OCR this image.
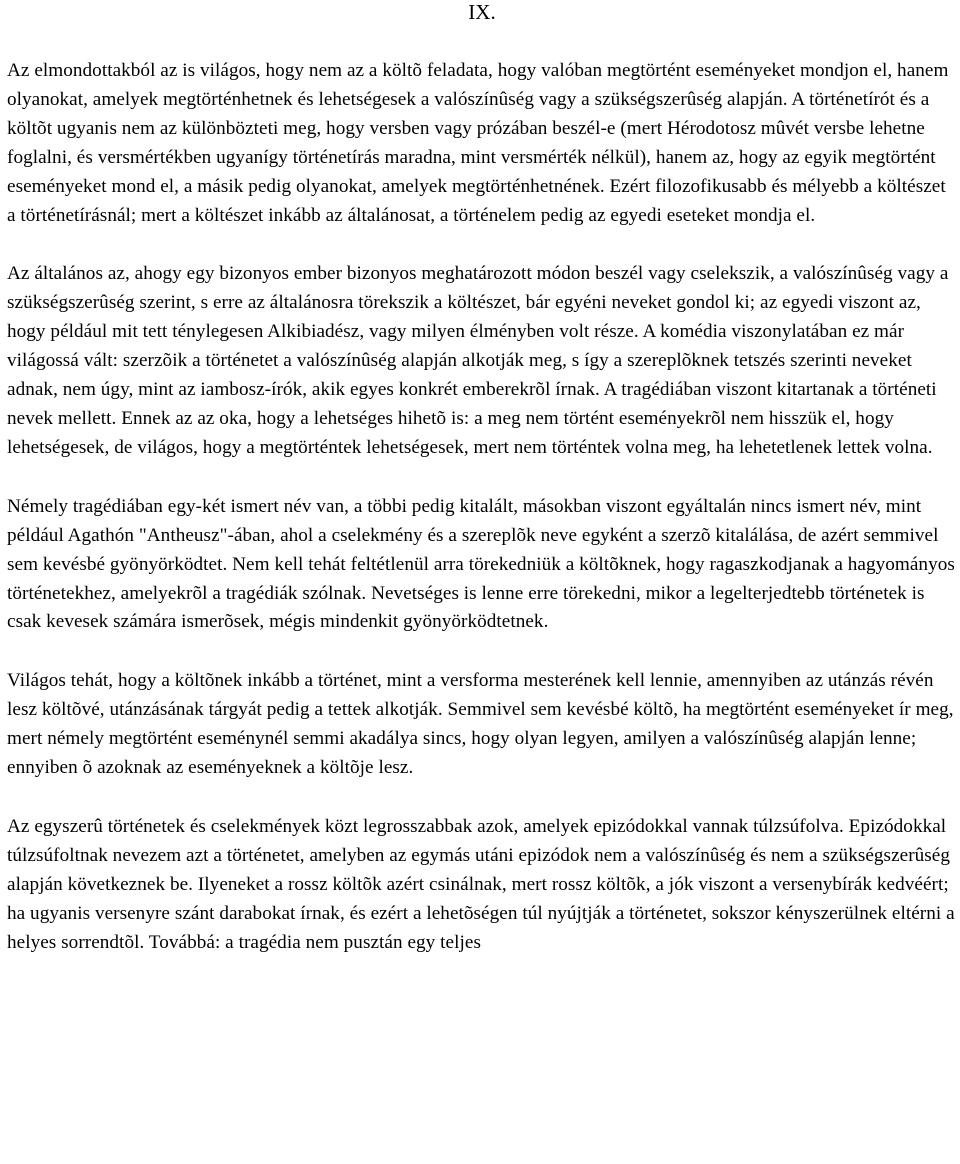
IX.

Az elmondottakból az is világos, hogy nem az a költõ feladata, hogy valóban megtörtént eseményeket mondjon el, hanem olyanokat, amelyek megtörténhetnek és lehetségesek a valószínûség vagy a szükségszerûség alapján. A történetírót és a költõt ugyanis nem az különbözteti meg, hogy versben vagy prózában beszél-e (mert Hérodotosz mûvét versbe lehetne foglalni, és versmértékben ugyanígy történetírás maradna, mint versmérték nélkül), hanem az, hogy az egyik megtörtént eseményeket mond el, a másik pedig olyanokat, amelyek megtörténhetnének. Ezért filozofikusabb és mélyebb a költészet a történetírásnál; mert a költészet inkább az általánosat, a történelem pedig az egyedi eseteket mondja el.

Az általános az, ahogy egy bizonyos ember bizonyos meghatározott módon beszél vagy cselekszik, a valószínûség vagy a szükségszerûség szerint, s erre az általánosra törekszik a költészet, bár egyéni neveket gondol ki; az egyedi viszont az, hogy például mit tett ténylegesen Alkibiadész, vagy milyen élményben volt része. A komédia viszonylatában ez már világossá vált: szerzõik a történetet a valószínûség alapján alkotják meg, s így a szereplõknek tetszés szerinti neveket adnak, nem úgy, mint az iambosz-írók, akik egyes konkrét emberekrõl írnak. A tragédiában viszont kitartanak a történeti nevek mellett. Ennek az az oka, hogy a lehetséges hihetõ is: a meg nem történt eseményekrõl nem hisszük el, hogy lehetségesek, de világos, hogy a megtörténtek lehetségesek, mert nem történtek volna meg, ha lehetetlenek lettek volna.

Némely tragédiában egy-két ismert név van, a többi pedig kitalált, másokban viszont egyáltalán nincs ismert név, mint például Agathón "Antheusz"-ában, ahol a cselekmény és a szereplõk neve egyként a szerzõ kitalálása, de azért semmivel sem kevésbé gyönyörködtet. Nem kell tehát feltétlenül arra törekedniük a költõknek, hogy ragaszkodjanak a hagyományos történetekhez, amelyekrõl a tragédiák szólnak. Nevetséges is lenne erre törekedni, mikor a legelterjedtebb történetek is csak kevesek számára ismerõsek, mégis mindenkit gyönyörködtetnek.

Világos tehát, hogy a költõnek inkább a történet, mint a versforma mesterének kell lennie, amennyiben az utánzás révén lesz költõvé, utánzásának tárgyát pedig a tettek alkotják. Semmivel sem kevésbé költõ, ha megtörtént eseményeket ír meg, mert némely megtörtént eseménynél semmi akadálya sincs, hogy olyan legyen, amilyen a valószínûség alapján lenne; ennyiben õ azoknak az eseményeknek a költõje lesz.

Az egyszerû történetek és cselekmények közt legrosszabbak azok, amelyek epizódokkal vannak túlzsúfolva. Epizódokkal túlzsúfoltnak nevezem azt a történetet, amelyben az egymás utáni epizódok nem a valószínûség és nem a szükségszerûség alapján következnek be. Ilyeneket a rossz költõk azért csinálnak, mert rossz költõk, a jók viszont a versenybírák kedvéért; ha ugyanis versenyre szánt darabokat írnak, és ezért a lehetõségen túl nyújtják a történetet, sokszor kényszerülnek eltérni a helyes sorrendtõl. Továbbá: a tragédia nem pusztán egy teljes
